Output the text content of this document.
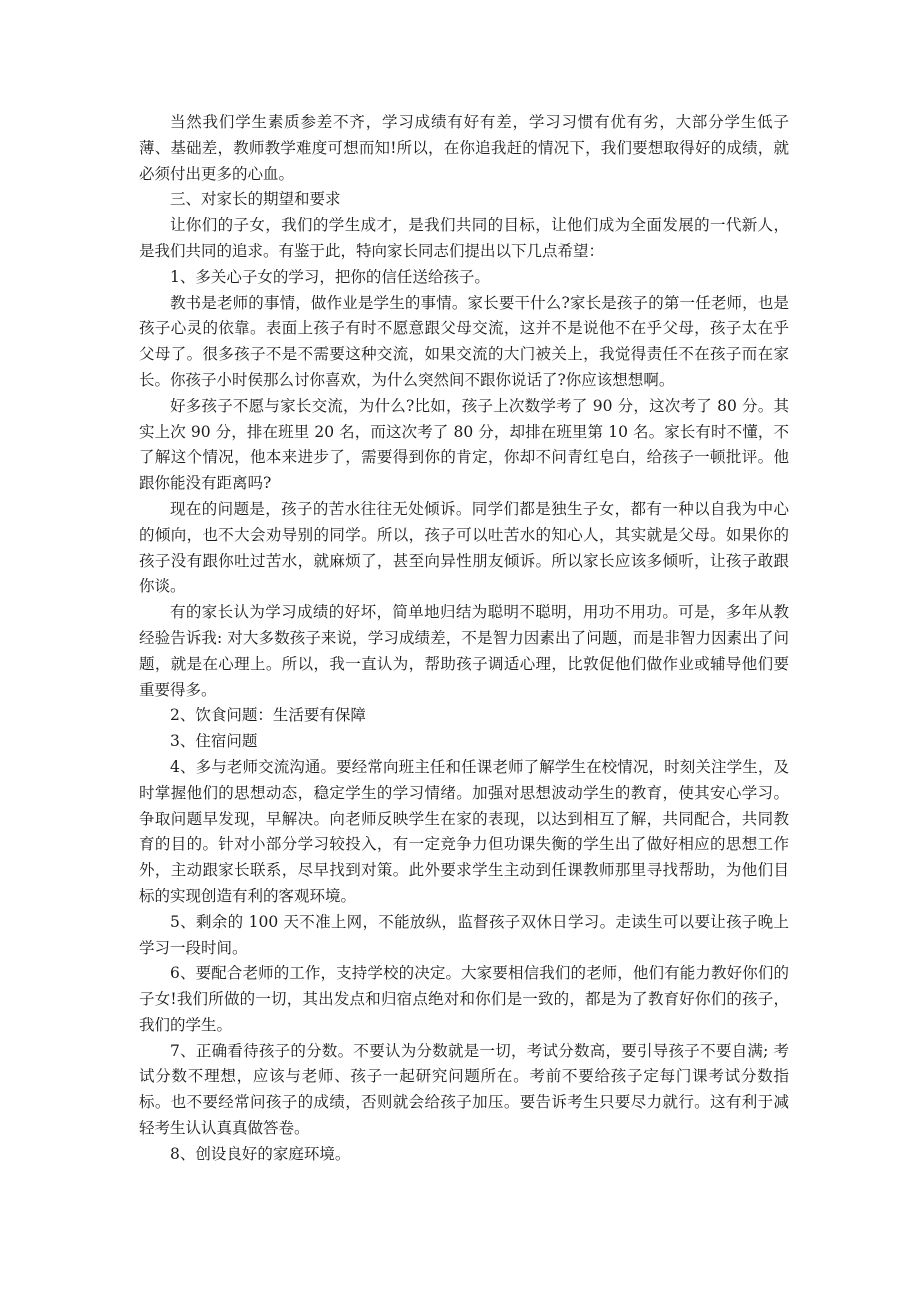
当然我们学生素质参差不齐，学习成绩有好有差，学习习惯有优有劣，大部分学生低子薄、基础差，教师教学难度可想而知!所以，在你追我赶的情况下，我们要想取得好的成绩，就必须付出更多的心血。

三、对家长的期望和要求

让你们的子女，我们的学生成才，是我们共同的目标，让他们成为全面发展的一代新人，是我们共同的追求。有鉴于此，特向家长同志们提出以下几点希望：

1、多关心子女的学习，把你的信任送给孩子。

教书是老师的事情，做作业是学生的事情。家长要干什么?家长是孩子的第一任老师，也是孩子心灵的依靠。表面上孩子有时不愿意跟父母交流，这并不是说他不在乎父母，孩子太在乎父母了。很多孩子不是不需要这种交流，如果交流的大门被关上，我觉得责任不在孩子而在家长。你孩子小时侯那么讨你喜欢，为什么突然间不跟你说话了?你应该想想啊。

好多孩子不愿与家长交流，为什么?比如，孩子上次数学考了 90 分，这次考了 80 分。其实上次 90 分，排在班里 20 名，而这次考了 80 分，却排在班里第 10 名。家长有时不懂，不了解这个情况，他本来进步了，需要得到你的肯定，你却不问青红皂白，给孩子一顿批评。他跟你能没有距离吗?

现在的问题是，孩子的苦水往往无处倾诉。同学们都是独生子女，都有一种以自我为中心的倾向，也不大会劝导别的同学。所以，孩子可以吐苦水的知心人，其实就是父母。如果你的孩子没有跟你吐过苦水，就麻烦了，甚至向异性朋友倾诉。所以家长应该多倾听，让孩子敢跟你谈。

有的家长认为学习成绩的好坏，简单地归结为聪明不聪明，用功不用功。可是，多年从教经验告诉我: 对大多数孩子来说，学习成绩差，不是智力因素出了问题，而是非智力因素出了问题，就是在心理上。所以，我一直认为，帮助孩子调适心理，比敦促他们做作业或辅导他们要重要得多。

2、饮食问题：生活要有保障

3、住宿问题

4、多与老师交流沟通。要经常向班主任和任课老师了解学生在校情况，时刻关注学生，及时掌握他们的思想动态，稳定学生的学习情绪。加强对思想波动学生的教育，使其安心学习。争取问题早发现，早解决。向老师反映学生在家的表现，以达到相互了解，共同配合，共同教育的目的。针对小部分学习较投入，有一定竞争力但功课失衡的学生出了做好相应的思想工作外，主动跟家长联系，尽早找到对策。此外要求学生主动到任课教师那里寻找帮助，为他们目标的实现创造有利的客观环境。

5、剩余的 100 天不准上网，不能放纵，监督孩子双休日学习。走读生可以要让孩子晚上学习一段时间。

6、要配合老师的工作，支持学校的决定。大家要相信我们的老师，他们有能力教好你们的子女!我们所做的一切，其出发点和归宿点绝对和你们是一致的，都是为了教育好你们的孩子，我们的学生。

7、正确看待孩子的分数。不要认为分数就是一切，考试分数高，要引导孩子不要自满; 考试分数不理想，应该与老师、孩子一起研究问题所在。考前不要给孩子定每门课考试分数指标。也不要经常问孩子的成绩，否则就会给孩子加压。要告诉考生只要尽力就行。这有利于减轻考生认认真真做答卷。

8、创设良好的家庭环境。
